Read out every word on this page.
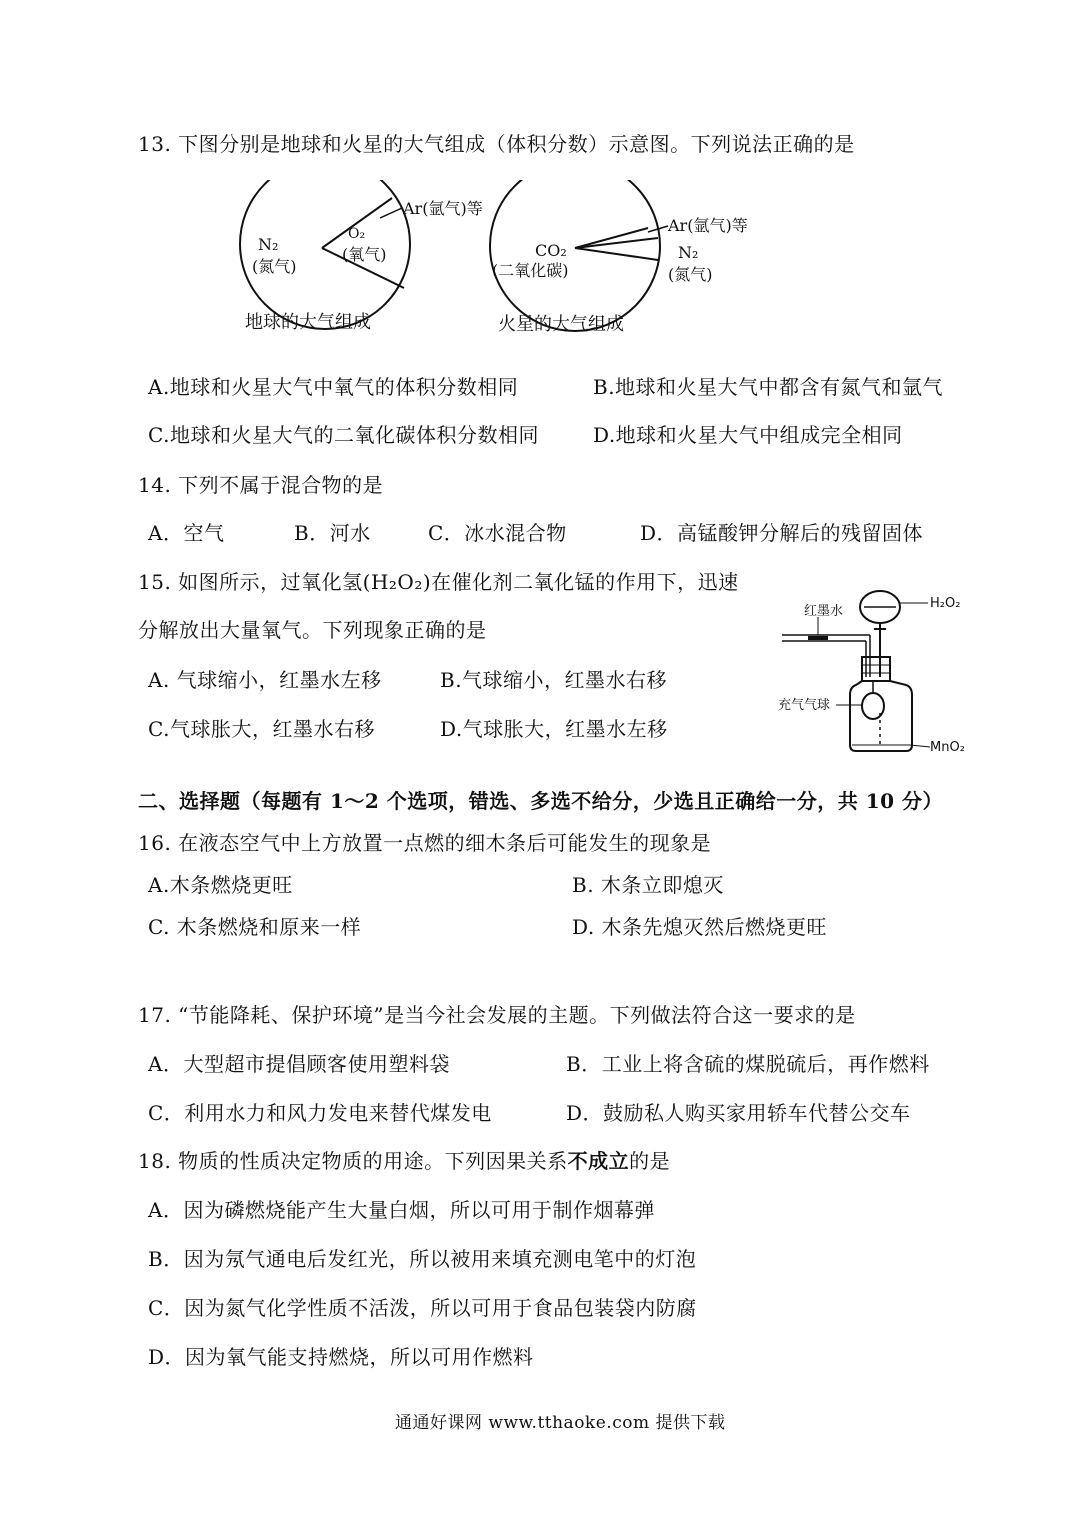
13. 下图分别是地球和火星的大气组成（体积分数）示意图。下列说法正确的是
N₂
(氮气)
O₂
(氧气)
Ar(氩气)等
地球的大气组成
CO₂
(二氧化碳)
Ar(氩气)等
N₂
(氮气)
火星的大气组成
A.地球和火星大气中氧气的体积分数相同	B.地球和火星大气中都含有氮气和氩气
C.地球和火星大气的二氧化碳体积分数相同	D.地球和火星大气中组成完全相同
14. 下列不属于混合物的是
A．空气	B．河水	C．冰水混合物	D．高锰酸钾分解后的残留固体
15. 如图所示，过氧化氢(H₂O₂)在催化剂二氧化锰的作用下，迅速
分解放出大量氧气。下列现象正确的是
A. 气球缩小，红墨水左移	B.气球缩小，红墨水右移
C.气球胀大，红墨水右移	D.气球胀大，红墨水左移
红墨水
H₂O₂
充气气球
MnO₂
二、选择题（每题有 1～2 个选项，错选、多选不给分，少选且正确给一分，共 10 分）
16. 在液态空气中上方放置一点燃的细木条后可能发生的现象是
A.木条燃烧更旺	B. 木条立即熄灭
C. 木条燃烧和原来一样	D. 木条先熄灭然后燃烧更旺
17. “节能降耗、保护环境”是当今社会发展的主题。下列做法符合这一要求的是
A．大型超市提倡顾客使用塑料袋	B．工业上将含硫的煤脱硫后，再作燃料
C．利用水力和风力发电来替代煤发电	D．鼓励私人购买家用轿车代替公交车
18. 物质的性质决定物质的用途。下列因果关系不成立的是
A．因为磷燃烧能产生大量白烟，所以可用于制作烟幕弹
B．因为氖气通电后发红光，所以被用来填充测电笔中的灯泡
C．因为氮气化学性质不活泼，所以可用于食品包装袋内防腐
D．因为氧气能支持燃烧，所以可用作燃料
通通好课网 www.tthaoke.com 提供下载
